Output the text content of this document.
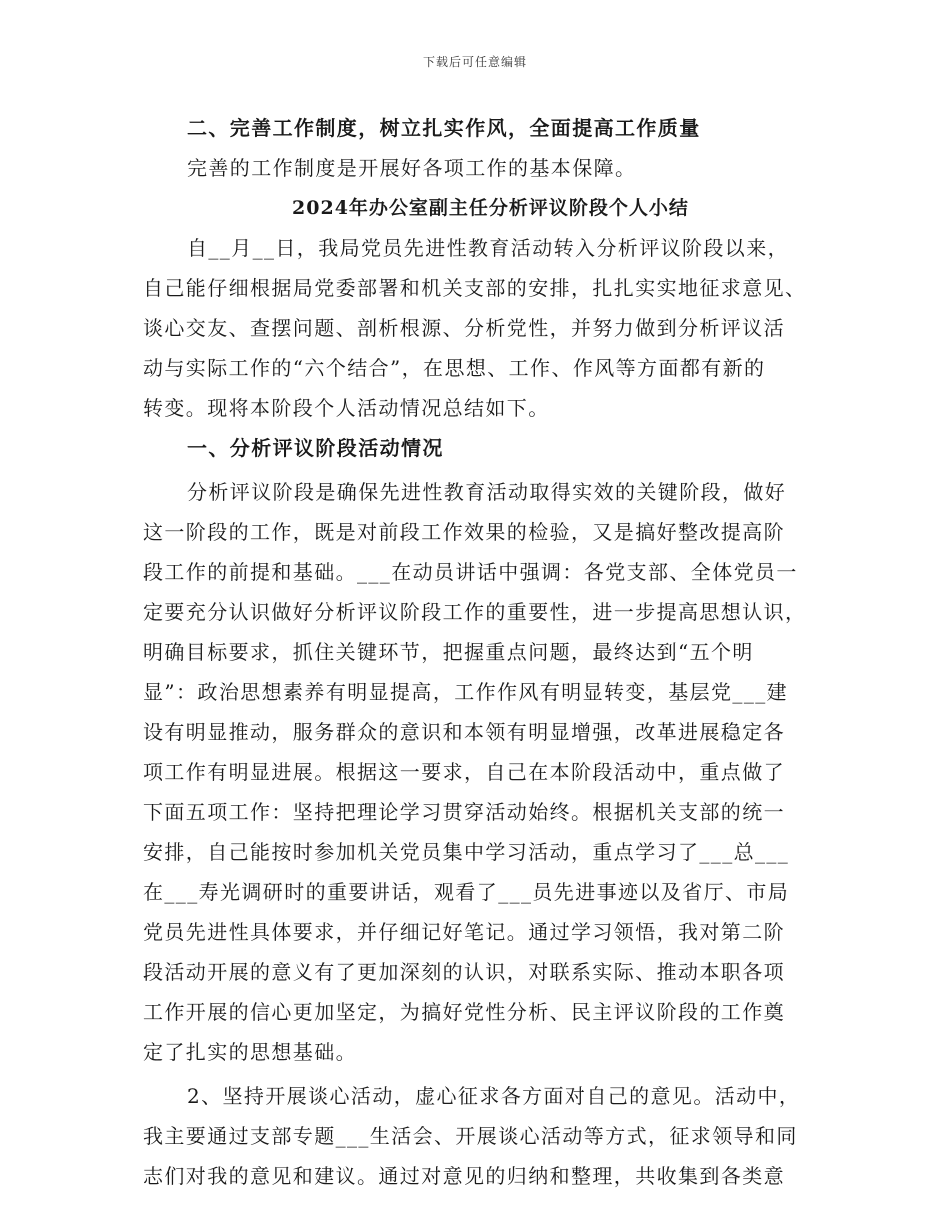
下载后可任意编辑
二、完善工作制度，树立扎实作风，全面提高工作质量
完善的工作制度是开展好各项工作的基本保障。
2024年办公室副主任分析评议阶段个人小结
自__月__日，我局党员先进性教育活动转入分析评议阶段以来，
自己能仔细根据局党委部署和机关支部的安排，扎扎实实地征求意见、
谈心交友、查摆问题、剖析根源、分析党性，并努力做到分析评议活
动与实际工作的“六个结合”，在思想、工作、作风等方面都有新的
转变。现将本阶段个人活动情况总结如下。
一、分析评议阶段活动情况
分析评议阶段是确保先进性教育活动取得实效的关键阶段，做好
这一阶段的工作，既是对前段工作效果的检验，又是搞好整改提高阶
段工作的前提和基础。___在动员讲话中强调：各党支部、全体党员一
定要充分认识做好分析评议阶段工作的重要性，进一步提高思想认识，
明确目标要求，抓住关键环节，把握重点问题，最终达到“五个明
显”：政治思想素养有明显提高，工作作风有明显转变，基层党___建
设有明显推动，服务群众的意识和本领有明显增强，改革进展稳定各
项工作有明显进展。根据这一要求，自己在本阶段活动中，重点做了
下面五项工作：坚持把理论学习贯穿活动始终。根据机关支部的统一
安排，自己能按时参加机关党员集中学习活动，重点学习了___总___
在___寿光调研时的重要讲话，观看了___员先进事迹以及省厅、市局
党员先进性具体要求，并仔细记好笔记。通过学习领悟，我对第二阶
段活动开展的意义有了更加深刻的认识，对联系实际、推动本职各项
工作开展的信心更加坚定，为搞好党性分析、民主评议阶段的工作奠
定了扎实的思想基础。
2、坚持开展谈心活动，虚心征求各方面对自己的意见。活动中，
我主要通过支部专题___生活会、开展谈心活动等方式，征求领导和同
志们对我的意见和建议。通过对意见的归纳和整理，共收集到各类意
